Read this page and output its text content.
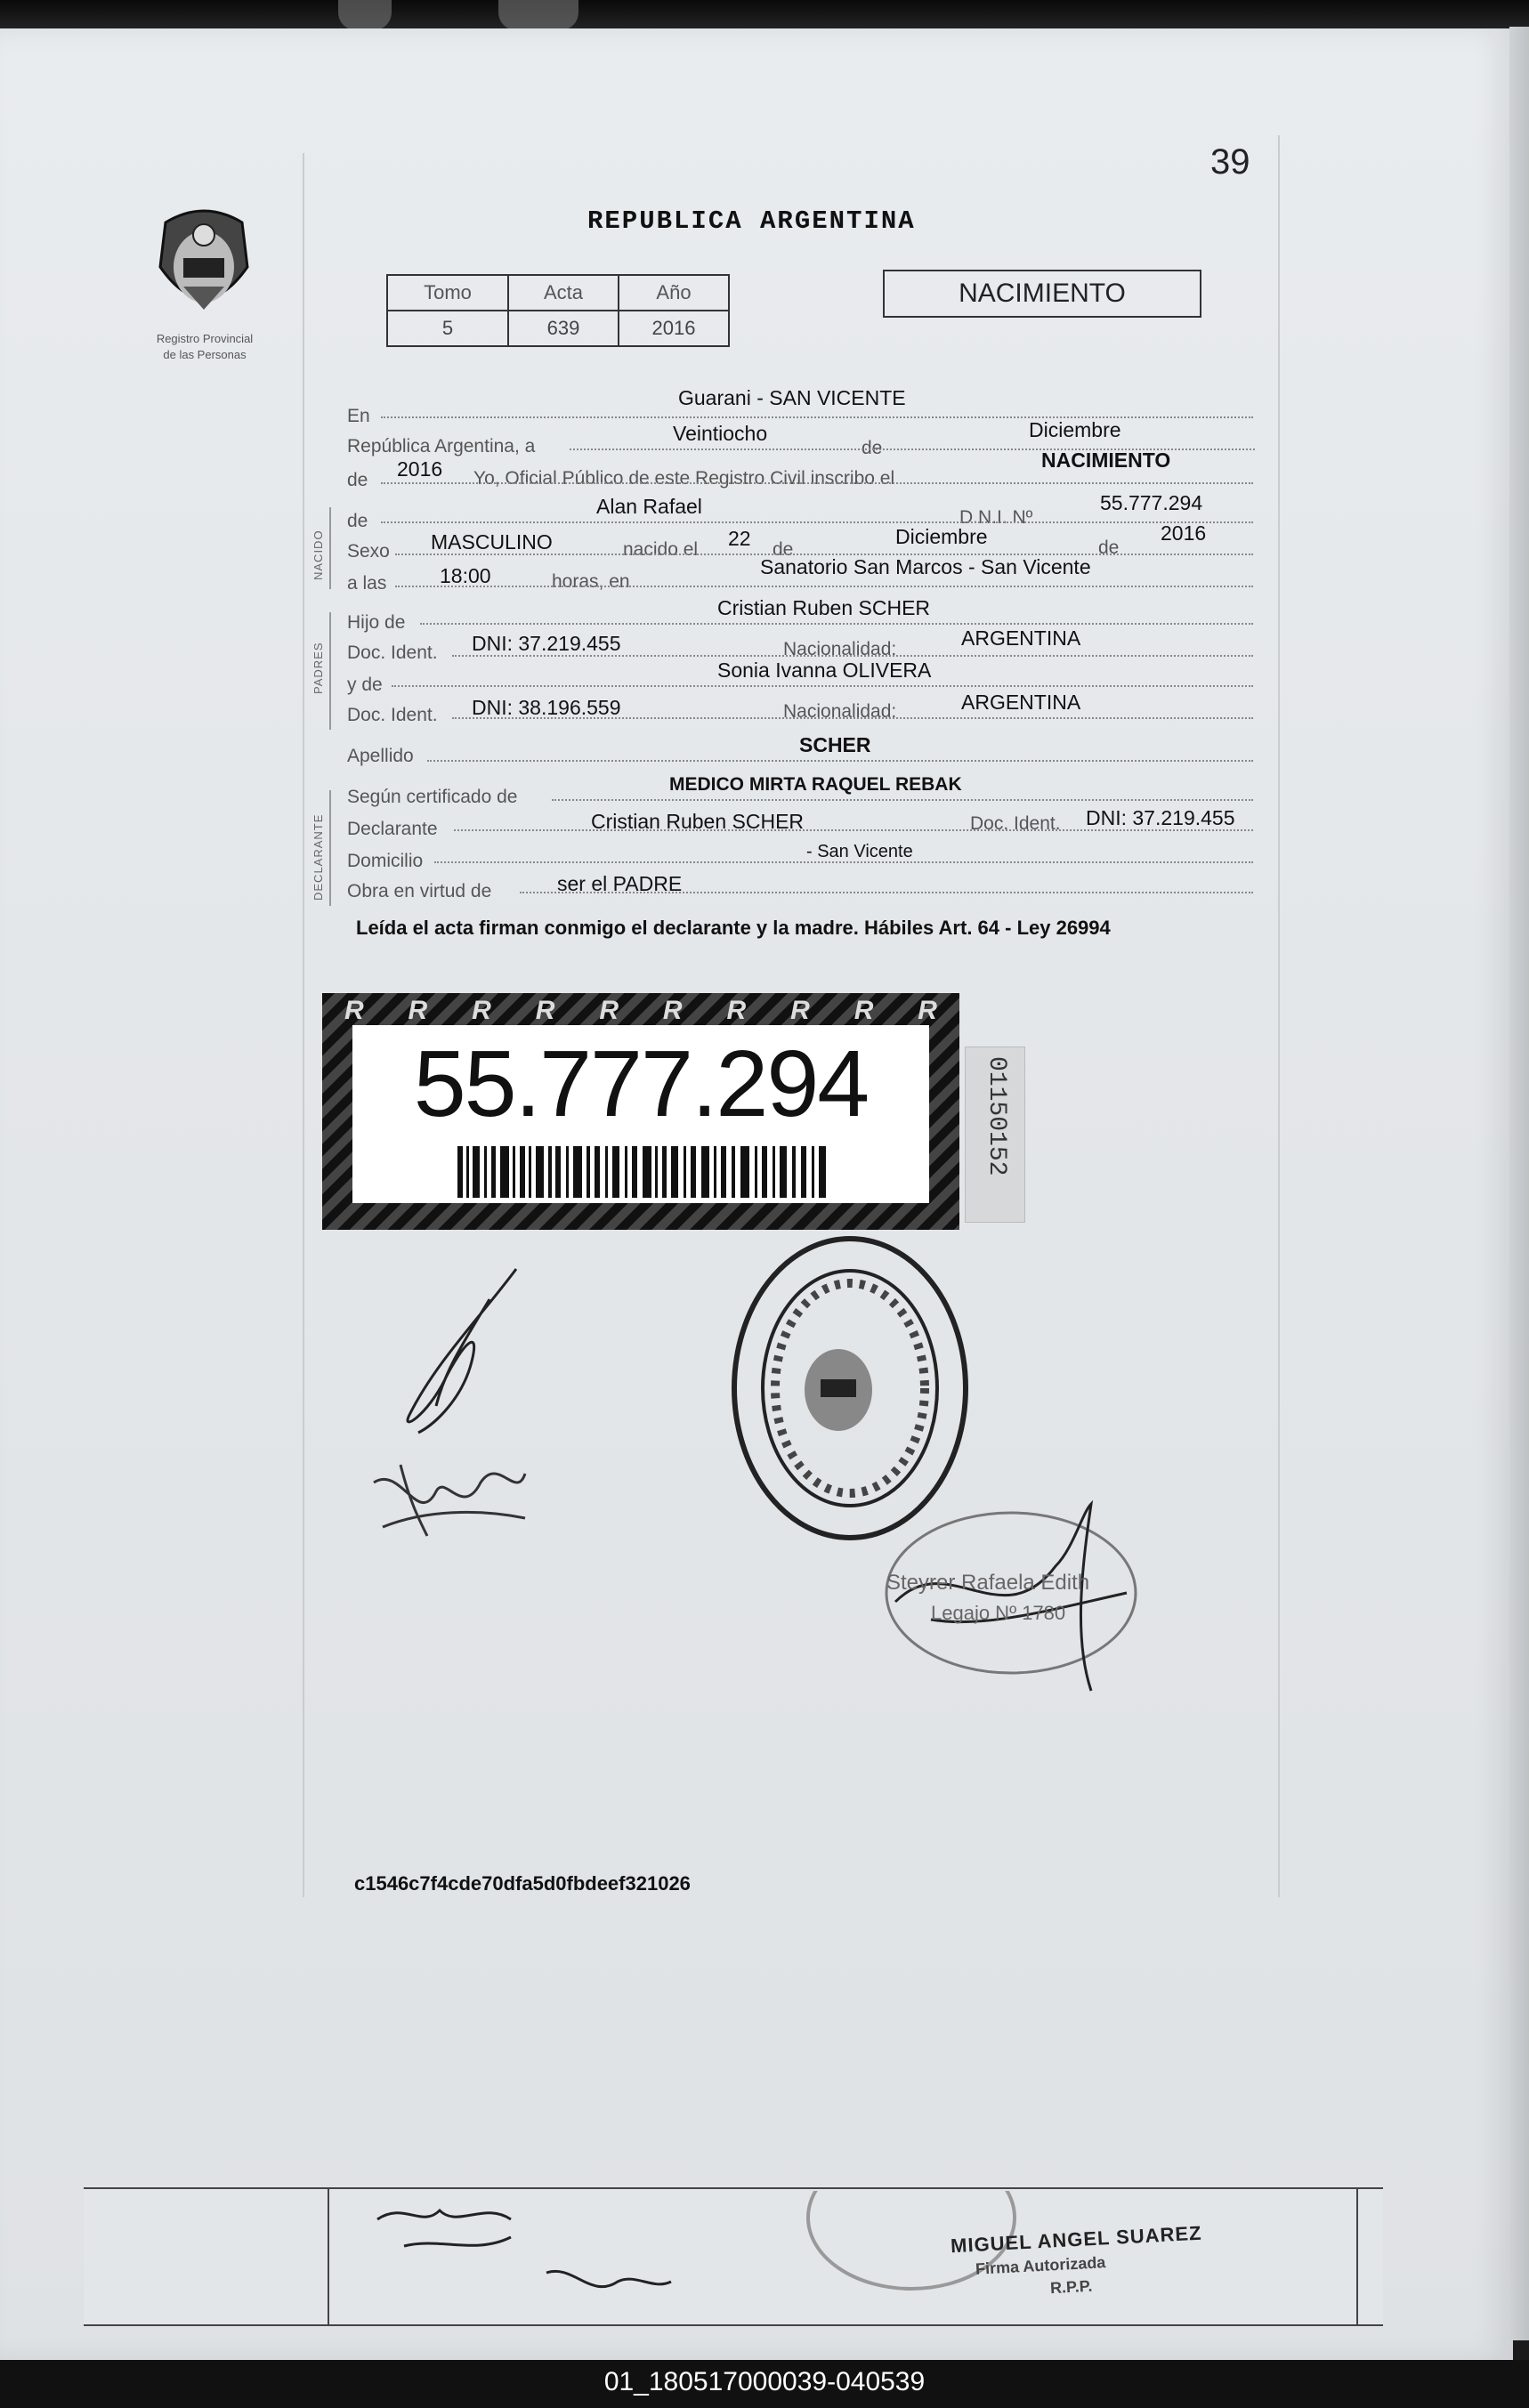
39
Registro Provincial
de las Personas
REPUBLICA ARGENTINA
Tomo	Acta	Año
5	639	2016
NACIMIENTO
Guarani - SAN VICENTE
En
Veintiocho	Diciembre
República Argentina, a	de
2016	NACIMIENTO
de	Yo, Oficial Público de este Registro Civil inscribo el
NACIDO
Alan Rafael	55.777.294
de	D.N.I. Nº
MASCULINO	22	Diciembre	2016
Sexo	nacido el	de	de
18:00	Sanatorio San Marcos - San Vicente
a las	horas, en
PADRES
Cristian Ruben SCHER
Hijo de
DNI: 37.219.455	ARGENTINA
Doc. Ident.	Nacionalidad:
Sonia Ivanna OLIVERA
y de
DNI: 38.196.559	ARGENTINA
Doc. Ident.	Nacionalidad:
SCHER
Apellido
DECLARANTE
MEDICO MIRTA RAQUEL REBAK
Según certificado de
Cristian Ruben SCHER	DNI: 37.219.455
Declarante	Doc. Ident.
- San Vicente
Domicilio
ser el PADRE
Obra en virtud de
Leída el acta firman conmigo el declarante y la madre. Hábiles Art. 64 - Ley 26994
R R R R R R R R R R
55.777.294	01150152
Steyrer Rafaela Edith
Legajo Nº 1780
c1546c7f4cde70dfa5d0fbdeef321026
MIGUEL ANGEL SUAREZ
Firma Autorizada
R.P.P.
01_180517000039-040539
